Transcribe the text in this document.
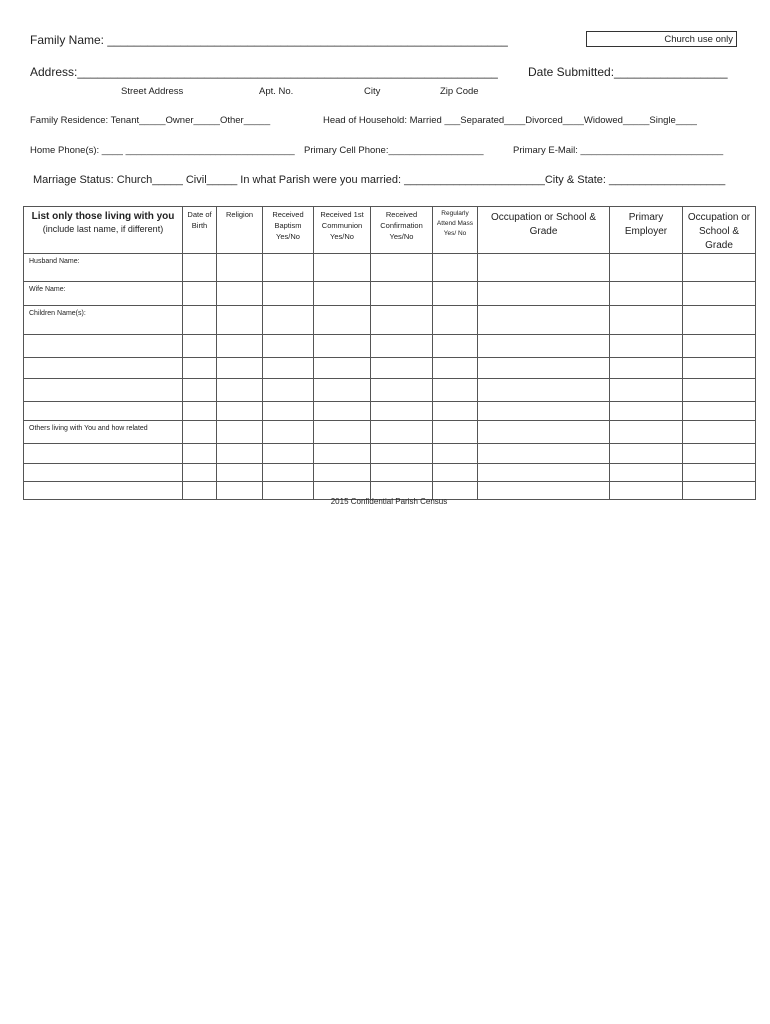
Family Name: ____________________________________________________________	Church use only
Address:_______________________________________________________________	Date Submitted:_________________
Street Address	Apt. No.	City	Zip Code
Family Residence: Tenant_____Owner_____Other_____	Head of Household: Married ___Separated____Divorced____Widowed_____Single____
Home Phone(s): ____ ________________________________ Primary Cell Phone:__________________	Primary E-Mail: ___________________________
Marriage Status: Church_____ Civil_____ In what Parish were you married: _______________________City & State: ___________________
List only those living with you
(include last name, if different)	Date of Birth	Religion	Received Baptism Yes/No	Received 1st Communion Yes/No	Received Confirmation Yes/No	Regularly Attend Mass Yes/ No	Occupation or School & Grade	Primary Employer	Occupation or School & Grade

Husband Name:									

Wife Name:									

Children Name(s):									

Others living with You and how related									

2015 Confidential Parish Census
